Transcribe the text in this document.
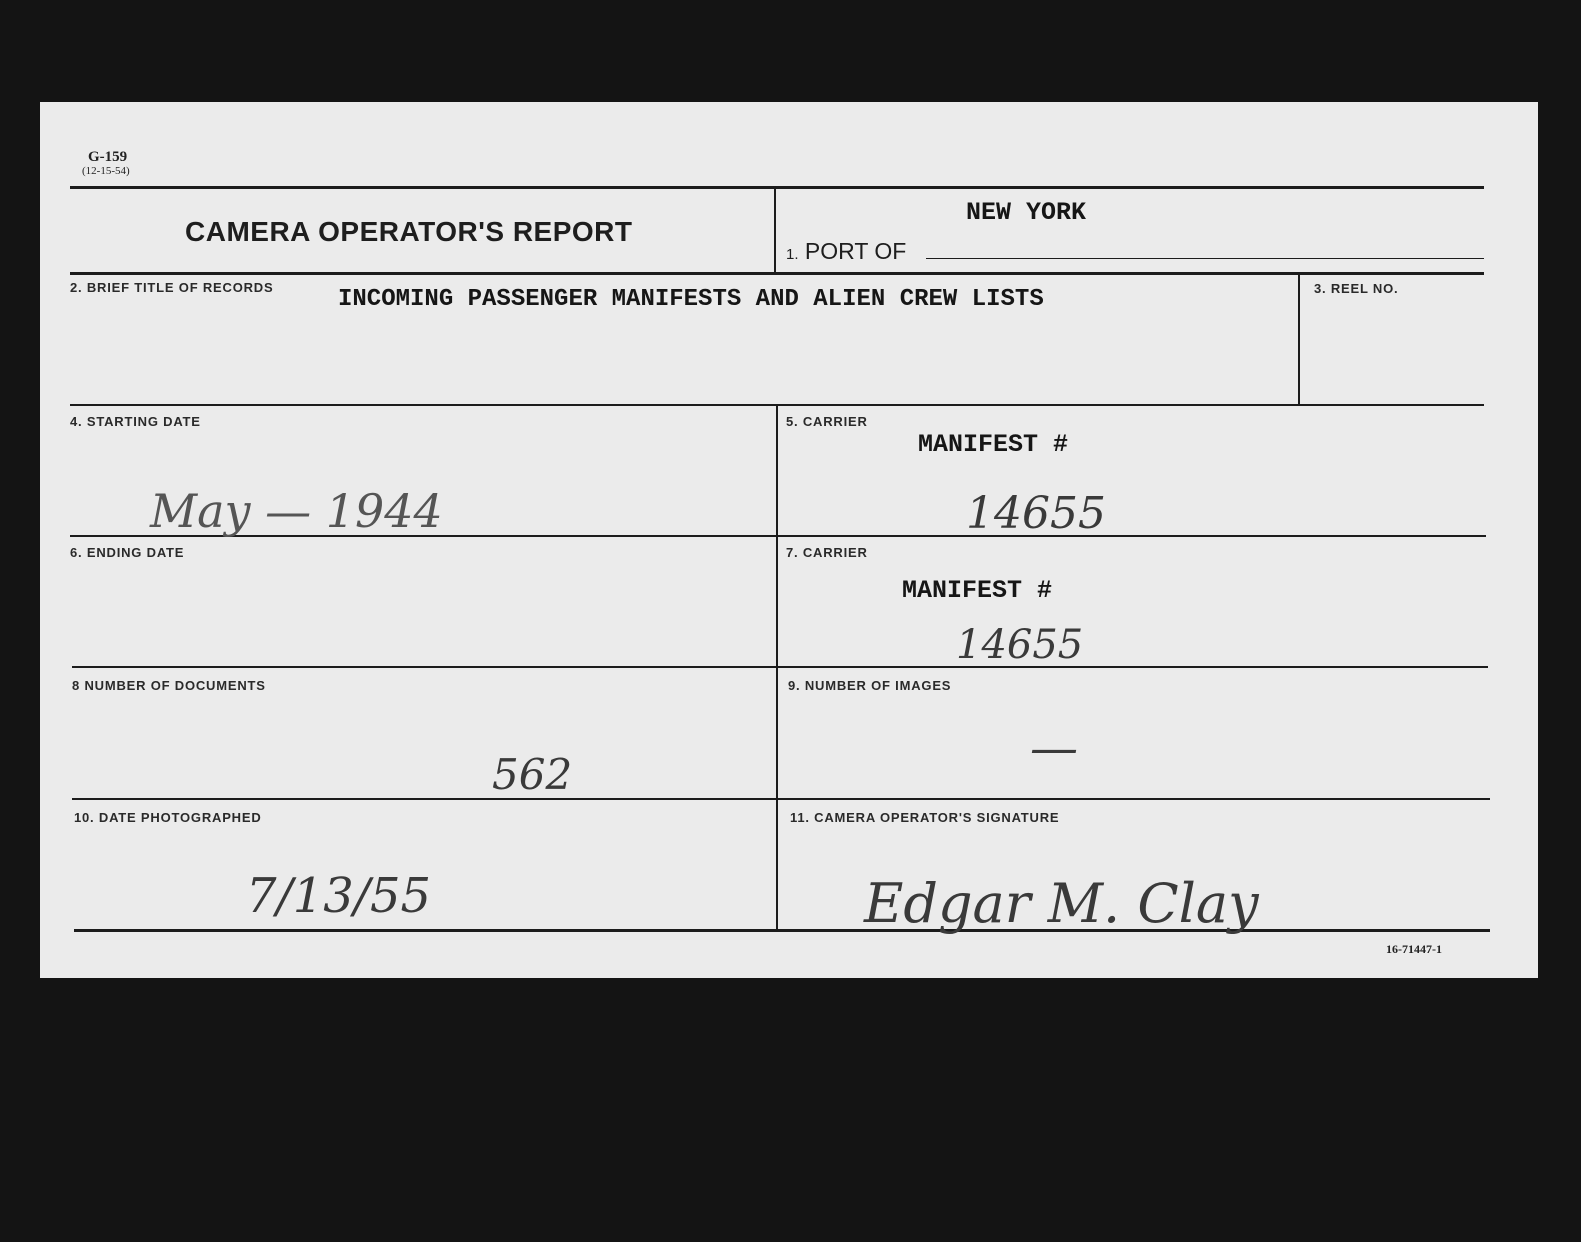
G-159
(12-15-54)
CAMERA OPERATOR'S REPORT
NEW YORK
1. PORT OF
2. BRIEF TITLE OF RECORDS	INCOMING PASSENGER MANIFESTS AND ALIEN CREW LISTS	3. REEL NO.
4. STARTING DATE
May — 1944
5. CARRIER
MANIFEST #
14655
6. ENDING DATE	7. CARRIER
MANIFEST #
14655
8 NUMBER OF DOCUMENTS
562
9. NUMBER OF IMAGES
—
10. DATE PHOTOGRAPHED
7/13/55
11. CAMERA OPERATOR'S SIGNATURE
Edgar M. Clay
16-71447-1
